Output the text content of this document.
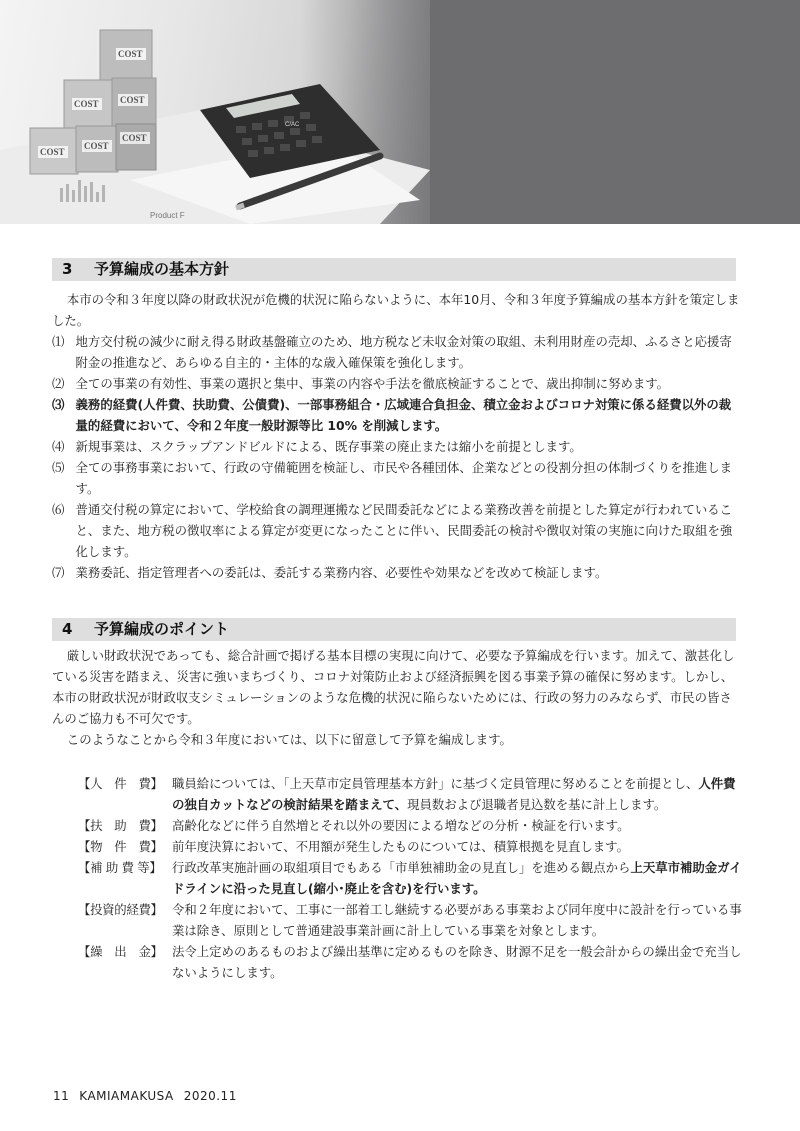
Product F
COST
COST COST
COST
COST
COST
C/AC
3 予算編成の基本方針

本市の令和３年度以降の財政状況が危機的状況に陥らないように、本年10月、令和３年度予算編成の基本方針を策定しました。

⑴ 地方交付税の減少に耐え得る財政基盤確立のため、地方税など未収金対策の取組、未利用財産の売却、ふるさと応援寄附金の推進など、あらゆる自主的・主体的な歳入確保策を強化します。

⑵ 全ての事業の有効性、事業の選択と集中、事業の内容や手法を徹底検証することで、歳出抑制に努めます。

⑶ 義務的経費(人件費、扶助費、公債費)、一部事務組合・広域連合負担金、積立金およびコロナ対策に係る経費以外の裁量的経費において、令和２年度一般財源等比 10% を削減します。

⑷ 新規事業は、スクラップアンドビルドによる、既存事業の廃止または縮小を前提とします。

⑸ 全ての事務事業において、行政の守備範囲を検証し、市民や各種団体、企業などとの役割分担の体制づくりを推進します。

⑹ 普通交付税の算定において、学校給食の調理運搬など民間委託などによる業務改善を前提とした算定が行われていること、また、地方税の徴収率による算定が変更になったことに伴い、民間委託の検討や徴収対策の実施に向けた取組を強化します。

⑺ 業務委託、指定管理者への委託は、委託する業務内容、必要性や効果などを改めて検証します。

4 予算編成のポイント

厳しい財政状況であっても、総合計画で掲げる基本目標の実現に向けて、必要な予算編成を行います。加えて、激甚化している災害を踏まえ、災害に強いまちづくり、コロナ対策防止および経済振興を図る事業予算の確保に努めます。しかし、本市の財政状況が財政収支シミュレーションのような危機的状況に陥らないためには、行政の努力のみならず、市民の皆さんのご協力も不可欠です。

このようなことから令和３年度においては、以下に留意して予算を編成します。

【人　件　費】 職員給については、「上天草市定員管理基本方針」に基づく定員管理に努めることを前提とし、人件費の独自カットなどの検討結果を踏まえて、現員数および退職者見込数を基に計上します。
【扶　助　費】 高齢化などに伴う自然増とそれ以外の要因による増などの分析・検証を行います。
【物　件　費】 前年度決算において、不用額が発生したものについては、積算根拠を見直します。
【補 助 費 等】 行政改革実施計画の取組項目でもある「市単独補助金の見直し」を進める観点から上天草市補助金ガイドラインに沿った見直し(縮小･廃止を含む)を行います。
【投資的経費】 令和２年度において、工事に一部着工し継続する必要がある事業および同年度中に設計を行っている事業は除き、原則として普通建設事業計画に計上している事業を対象とします。
【繰　出　金】 法令上定めのあるものおよび繰出基準に定めるものを除き、財源不足を一般会計からの繰出金で充当しないようにします。
11 KAMIAMAKUSA 2020.11
